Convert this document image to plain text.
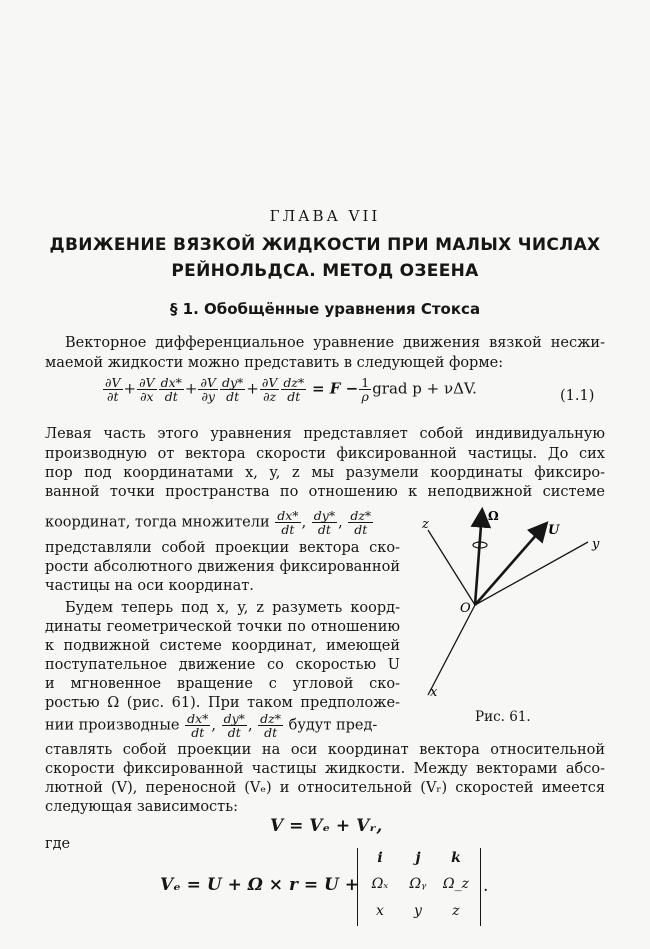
ГЛАВА VII
ДВИЖЕНИЕ ВЯЗКОЙ ЖИДКОСТИ ПРИ МАЛЫХ ЧИСЛАХ
РЕЙНОЛЬДСА. МЕТОД ОЗЕЕНА
§ 1. Обобщённые уравнения Стокса
Векторное дифференциальное уравнение движения вязкой несжи-
маемой жидкости можно представить в следующей форме:
$\frac{\partial V}{\partial t} + \frac{\partial V}{\partial x} \frac{dx*}{dt} + \frac{\partial V}{\partial y} \frac{dy*}{dt} + \frac{\partial V}{\partial z} \frac{dz*}{dt} = F - \frac{1}{\rho}$ grad p + νΔV.	(1.1)
Левая часть этого уравнения представляет собой индивидуальную
производную от вектора скорости фиксированной частицы. До сих
пор под координатами x, y, z мы разумели координаты фиксиро-
ванной точки пространства по отношению к неподвижной системе
координат, тогда множители $\frac{dx*}{dt}$ , $\frac{dy*}{dt}$ , $\frac{dz*}{dt}$
представляли собой проекции вектора ско-
рости абсолютного движения фиксированной
частицы на оси координат.
Будем теперь под x, y, z разуметь коорд-
динаты геометрической точки по отношению
к подвижной системе координат, имеющей
поступательное движение со скоростью U
и мгновенное вращение с угловой ско-
ростью Ω (рис. 61). При таком предположе-
нии производные $\frac{dx*}{dt}$ , $\frac{dy*}{dt}$ , $\frac{dz*}{dt}$ будут пред-
ставлять собой проекции на оси координат вектора относительной
скорости фиксированной частицы жидкости. Между векторами абсо-
лютной (V), переносной (Vₑ) и относительной (Vᵣ) скоростей имеется
следующая зависимость:
V = Vₑ + Vᵣ,
где
Vₑ = U + Ω × r = U +
i	j	k
Ωₓ	Ωᵧ	Ω_z
x	y	z
.
z
Ω
U
y
O
x
Рис. 61.
